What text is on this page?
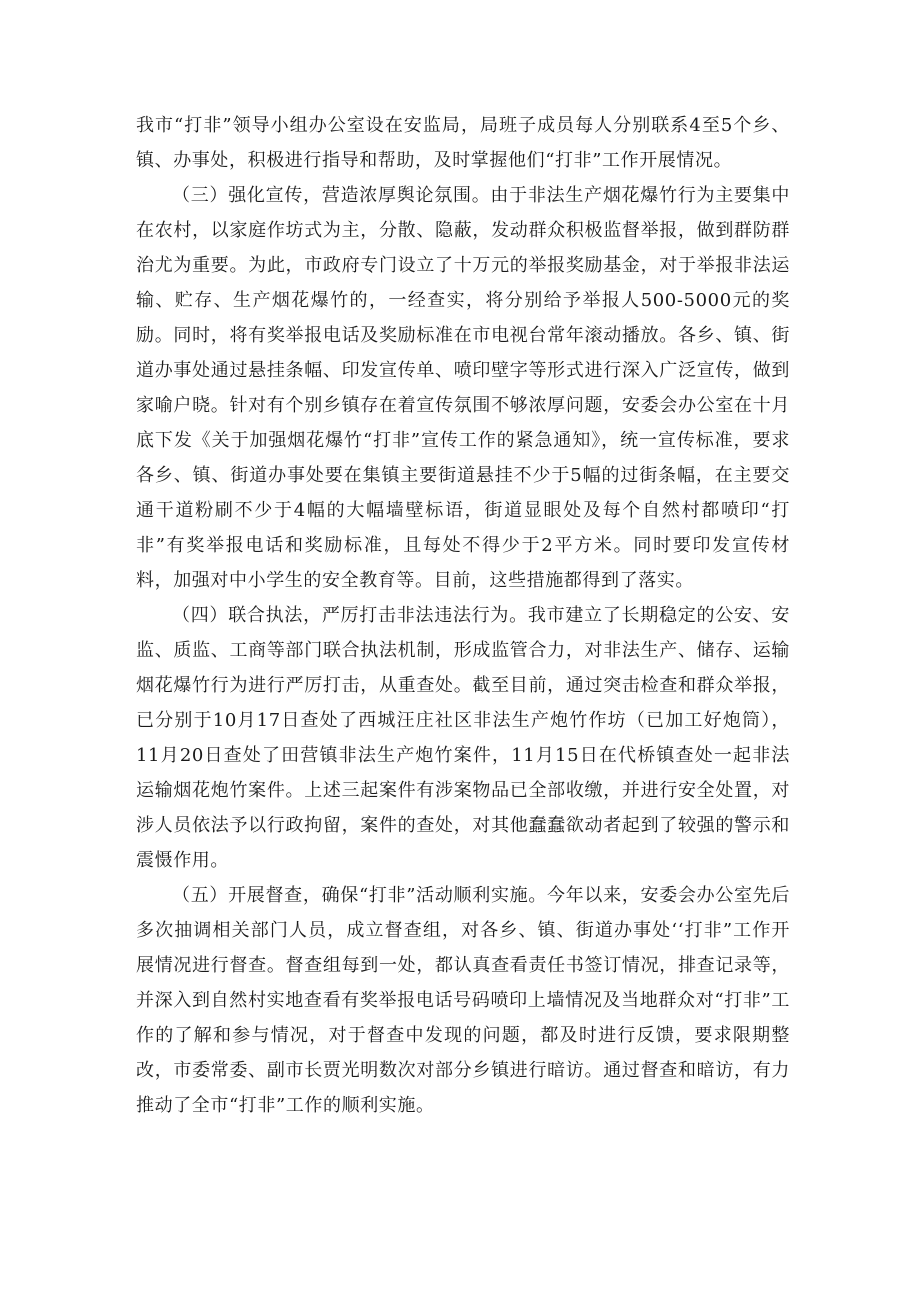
我市“打非”领导小组办公室设在安监局，局班子成员每人分别联系4至5个乡、镇、办事处，积极进行指导和帮助，及时掌握他们“打非”工作开展情况。

（三）强化宣传，营造浓厚舆论氛围。由于非法生产烟花爆竹行为主要集中在农村，以家庭作坊式为主，分散、隐蔽，发动群众积极监督举报，做到群防群治尤为重要。为此，市政府专门设立了十万元的举报奖励基金，对于举报非法运输、贮存、生产烟花爆竹的，一经查实，将分别给予举报人500-5000元的奖励。同时，将有奖举报电话及奖励标准在市电视台常年滚动播放。各乡、镇、街道办事处通过悬挂条幅、印发宣传单、喷印壁字等形式进行深入广泛宣传，做到家喻户晓。针对有个别乡镇存在着宣传氛围不够浓厚问题，安委会办公室在十月底下发《关于加强烟花爆竹“打非”宣传工作的紧急通知》，统一宣传标准，要求各乡、镇、街道办事处要在集镇主要街道悬挂不少于5幅的过街条幅，在主要交通干道粉刷不少于4幅的大幅墙壁标语，街道显眼处及每个自然村都喷印“打非”有奖举报电话和奖励标准，且每处不得少于2平方米。同时要印发宣传材料，加强对中小学生的安全教育等。目前，这些措施都得到了落实。

（四）联合执法，严厉打击非法违法行为。我市建立了长期稳定的公安、安监、质监、工商等部门联合执法机制，形成监管合力，对非法生产、储存、运输烟花爆竹行为进行严厉打击，从重查处。截至目前，通过突击检查和群众举报，已分别于10月17日查处了西城汪庄社区非法生产炮竹作坊（已加工好炮筒），11月20日查处了田营镇非法生产炮竹案件，11月15日在代桥镇查处一起非法运输烟花炮竹案件。上述三起案件有涉案物品已全部收缴，并进行安全处置，对涉人员依法予以行政拘留，案件的查处，对其他蠢蠢欲动者起到了较强的警示和震慑作用。

（五）开展督查，确保“打非”活动顺利实施。今年以来，安委会办公室先后多次抽调相关部门人员，成立督查组，对各乡、镇、街道办事处‘‘打非”工作开展情况进行督查。督查组每到一处，都认真查看责任书签订情况，排查记录等，并深入到自然村实地查看有奖举报电话号码喷印上墙情况及当地群众对“打非”工作的了解和参与情况，对于督查中发现的问题，都及时进行反馈，要求限期整改，市委常委、副市长贾光明数次对部分乡镇进行暗访。通过督查和暗访，有力推动了全市“打非”工作的顺利实施。
